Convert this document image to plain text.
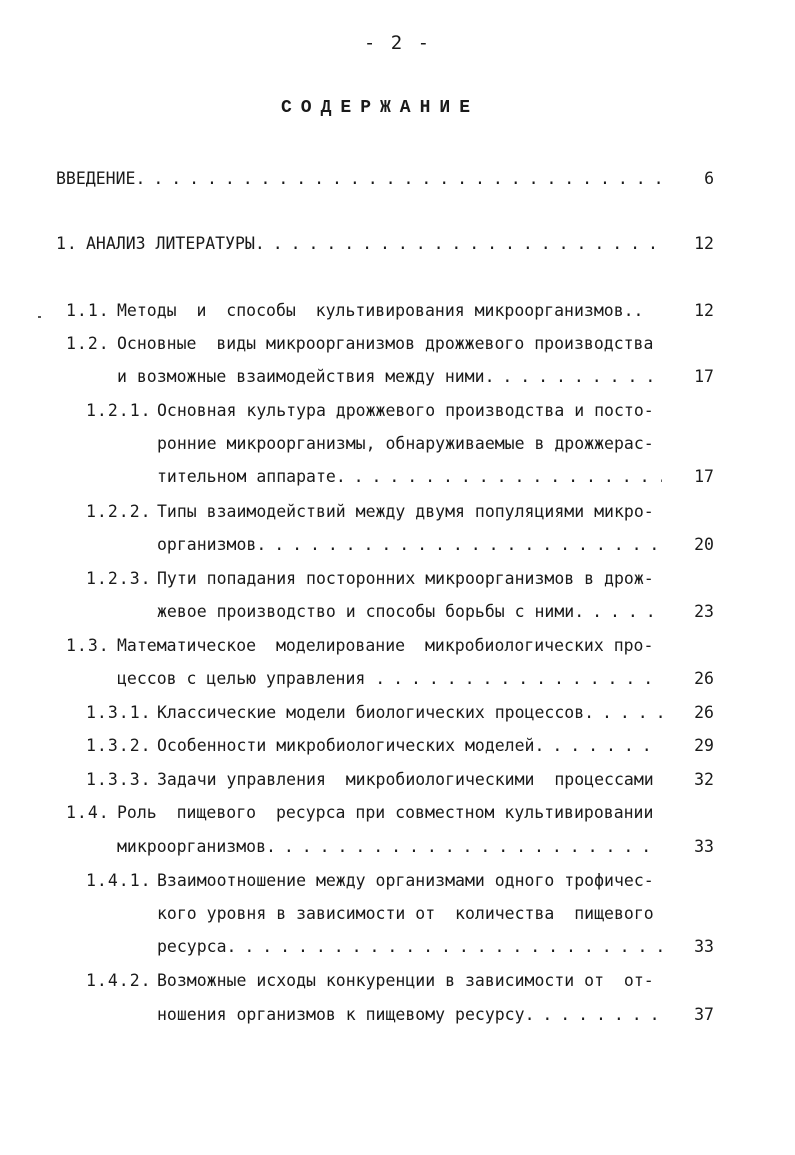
- 2 -
СОДЕРЖАНИЕ
ВВЕДЕНИЕ . . .	6
1. АНАЛИЗ ЛИТЕРАТУРЫ . . .	12
1.1. Методы  и  способы  культивирования микроорганизмов..	12
1.2. Основные  виды микроорганизмов дрожжевого производства
и возможные взаимодействия между ними . . .	17
1.2.1. Основная культура дрожжевого производства и посто-
ронние микроорганизмы, обнаруживаемые в дрожжерас-
тительном аппарате . . .	17
1.2.2. Типы взаимодействий между двумя популяциями микро-
организмов . . .	20
1.2.3. Пути попадания посторонних микроорганизмов в дрож-
жевое производство и способы борьбы с ними . . .	23
1.3. Математическое  моделирование  микробиологических про-
цессов с целью управления . . .	26
1.3.1. Классические модели биологических процессов . . .	26
1.3.2. Особенности микробиологических моделей . . .	29
1.3.3. Задачи управления  микробиологическими  процессами	32
1.4. Роль  пищевого  ресурса при совместном культивировании
микроорганизмов . . .	33
1.4.1. Взаимоотношение между организмами одного трофичес-
кого уровня в зависимости от  количества  пищевого
ресурса . . .	33
1.4.2. Возможные исходы конкуренции в зависимости от  от-
ношения организмов к пищевому ресурсу . . .	37
